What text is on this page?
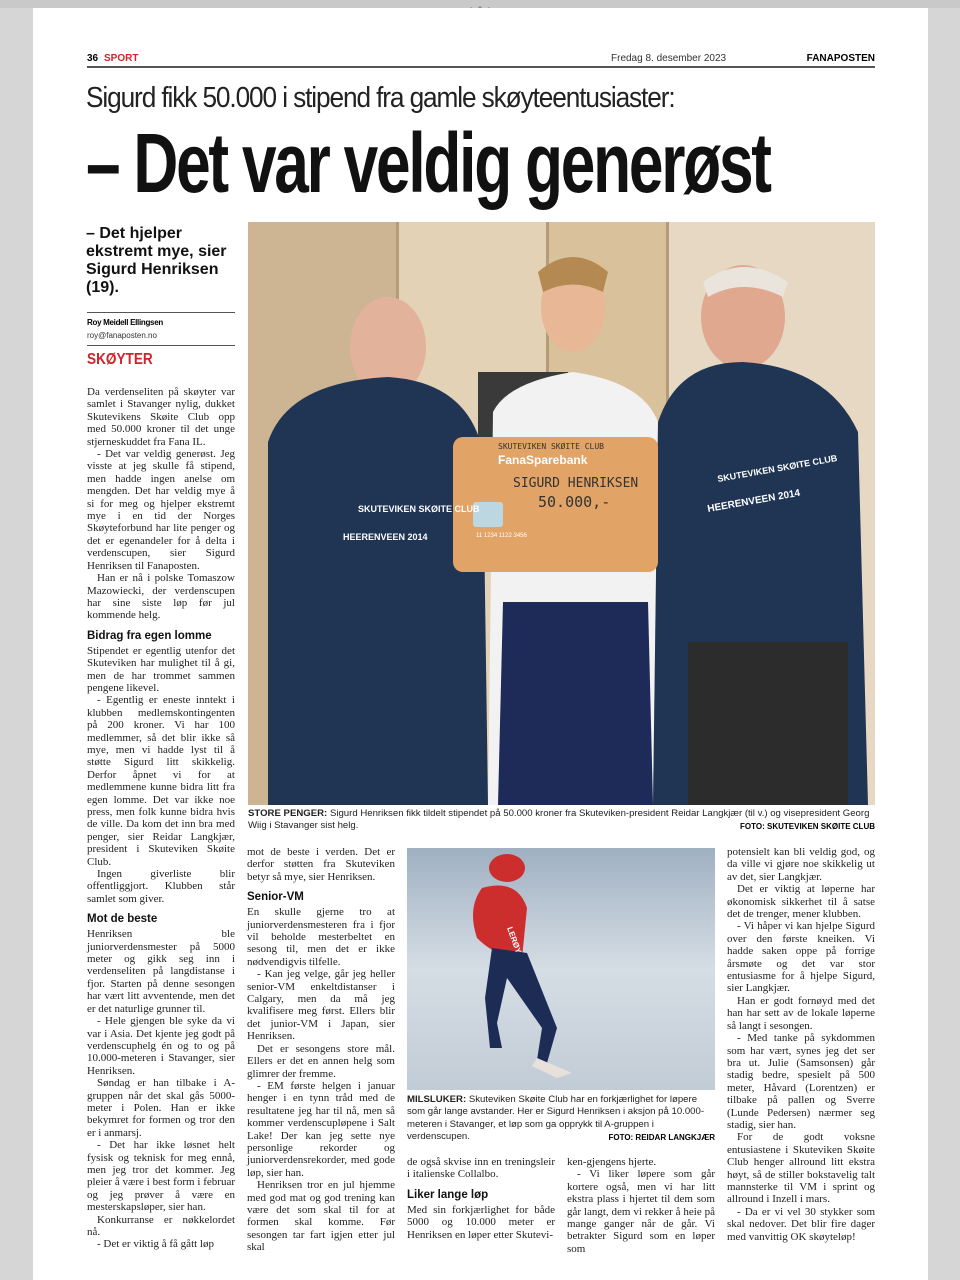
36 SPORT	Fredag 8. desember 2023	FANAPOSTEN
Sigurd fikk 50.000 i stipend fra gamle skøyteentusiaster:
– Det var veldig generøst
– Det hjelper ekstremt mye, sier Sigurd Henriksen (19).
Roy Meidell Ellingsen
roy@fanaposten.no
SKØYTER

Da verdenseliten på skøyter var samlet i Stavanger nylig, dukket Skutevikens Skøite Club opp med 50.000 kroner til det unge stjerneskuddet fra Fana IL.

- Det var veldig generøst. Jeg visste at jeg skulle få stipend, men hadde ingen anelse om mengden. Det har veldig mye å si for meg og hjelper ekstremt mye i en tid der Norges Skøyteforbund har lite penger og det er egenandeler for å delta i verdenscupen, sier Sigurd Henriksen til Fanaposten.

Han er nå i polske Tomaszow Mazowiecki, der verdenscupen har sine siste løp før jul kommende helg.

Bidrag fra egen lomme

Stipendet er egentlig utenfor det Skuteviken har mulighet til å gi, men de har trommet sammen pengene likevel.

- Egentlig er eneste inntekt i klubben medlemskontingenten på 200 kroner. Vi har 100 medlemmer, så det blir ikke så mye, men vi hadde lyst til å støtte Sigurd litt skikkelig. Derfor åpnet vi for at medlemmene kunne bidra litt fra egen lomme. Det var ikke noe press, men folk kunne bidra hvis de ville. Da kom det inn bra med penger, sier Reidar Langkjær, president i Skuteviken Skøite Club.

Ingen giverliste blir offentliggjort. Klubben står samlet som giver.

Mot de beste

Henriksen ble juniorverdensmester på 5000 meter og gikk seg inn i verdenseliten på langdistanse i fjor. Starten på denne sesongen har vært litt avventende, men det er det naturlige grunner til.

- Hele gjengen ble syke da vi var i Asia. Det kjente jeg godt på verdenscuphelg én og to og på 10.000-meteren i Stavanger, sier Henriksen.

Søndag er han tilbake i A-gruppen når det skal gås 5000-meter i Polen. Han er ikke bekymret for formen og tror den er i anmarsj.

- Det har ikke løsnet helt fysisk og teknisk for meg ennå, men jeg tror det kommer. Jeg pleier å være i best form i februar og jeg prøver å være en mesterskapsløper, sier han.

Konkurranse er nøkkelordet nå.

- Det er viktig å få gått løp

mot de beste i verden. Det er derfor støtten fra Skuteviken betyr så mye, sier Henriksen.

Senior-VM

En skulle gjerne tro at juniorverdensmesteren fra i fjor vil beholde mesterbeltet en sesong til, men det er ikke nødvendigvis tilfelle.

- Kan jeg velge, går jeg heller senior-VM enkeltdistanser i Calgary, men da må jeg kvalifisere meg først. Ellers blir det junior-VM i Japan, sier Henriksen.

Det er sesongens store mål. Ellers er det en annen helg som glimrer der fremme.

- EM første helgen i januar henger i en tynn tråd med de resultatene jeg har til nå, men så kommer verdenscupløpene i Salt Lake! Der kan jeg sette nye personlige rekorder og juniorverdensrekorder, med gode løp, sier han.

Henriksen tror en jul hjemme med god mat og god trening kan være det som skal til for at formen skal komme. Før sesongen tar fart igjen etter jul skal

de også skvise inn en treningsleir i italienske Collalbo.

Liker lange løp

Med sin forkjærlighet for både 5000 og 10.000 meter er Henriksen en løper etter Skutevi-

ken-gjengens hjerte.

- Vi liker løpere som går kortere også, men vi har litt ekstra plass i hjertet til dem som går langt, dem vi rekker å heie på mange ganger når de går. Vi betrakter Sigurd som en løper som

potensielt kan bli veldig god, og da ville vi gjøre noe skikkelig ut av det, sier Langkjær.

Det er viktig at løperne har økonomisk sikkerhet til å satse det de trenger, mener klubben.

- Vi håper vi kan hjelpe Sigurd over den første kneiken. Vi hadde saken oppe på forrige årsmøte og det var stor entusiasme for å hjelpe Sigurd, sier Langkjær.

Han er godt fornøyd med det han har sett av de lokale løperne så langt i sesongen.

- Med tanke på sykdommen som har vært, synes jeg det ser bra ut. Julie (Samsonsen) går stadig bedre, spesielt på 500 meter, Håvard (Lorentzen) er tilbake på pallen og Sverre (Lunde Pedersen) nærmer seg stadig, sier han.

For de godt voksne entusiastene i Skuteviken Skøite Club henger allround litt ekstra høyt, så de stiller bokstavelig talt mannsterke til VM i sprint og allround i Inzell i mars.

- Da er vi vel 30 stykker som skal nedover. Det blir fire dager med vanvittig OK skøyteløp!

SKUTEVIKEN SKØITE CLUB
FanaSparebank
SIGURD HENRIKSEN
50.000,-
11 1234 1122 3456
SKUTEVIKEN SKØITE CLUB
HEERENVEEN 2014
SKUTEVIKEN SKØITE CLUB
HEERENVEEN 2014
STORE PENGER: Sigurd Henriksen fikk tildelt stipendet på 50.000 kroner fra Skuteviken-president Reidar Langkjær (til v.) og visepresident Georg Wiig i Stavanger sist helg.	FOTO: SKUTEVIKEN SKØITE CLUB
LERØY
MILSLUKER: Skuteviken Skøite Club har en forkjærlighet for løpere som går lange avstander. Her er Sigurd Henriksen i aksjon på 10.000-meteren i Stavanger, et løp som ga opprykk til A-gruppen i verdenscupen.	FOTO: REIDAR LANGKJÆR
